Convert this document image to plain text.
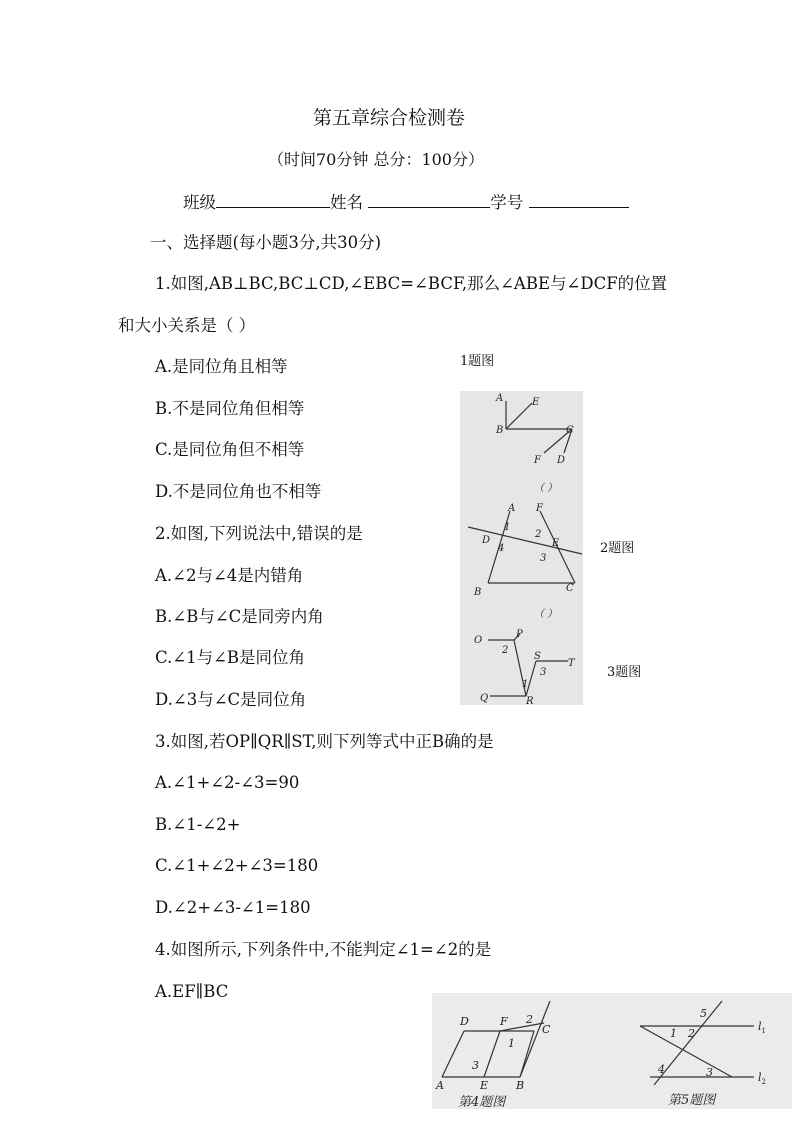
第五章综合检测卷
（时间70分钟 总分：100分）
班级	姓名	学号
一、选择题(每小题3分,共30分)
1.如图,AB⊥BC,BC⊥CD,∠EBC=∠BCF,那么∠ABE与∠DCF的位置
和大小关系是（ ）
A.是同位角且相等
B.不是同位角但相等
C.是同位角但不相等
D.不是同位角也不相等
2.如图,下列说法中,错误的是
A.∠2与∠4是内错角
B.∠B与∠C是同旁内角
C.∠1与∠B是同位角
D.∠3与∠C是同位角
3.如图,若OP∥QR∥ST,则下列等式中正B确的是
A.∠1+∠2-∠3=90
B.∠1-∠2+
C.∠1+∠2+∠3=180
D.∠2+∠3-∠1=180
4.如图所示,下列条件中,不能判定∠1=∠2的是
A.EF∥BC
1题图
2题图
3题图
A	E
B	C
F D
（ ）
A F
D	E
B	C
1
2
3
4
（ ）
O
P
S
T
Q	R
1
2
3
D	F
C
A	E	B
1
2
3
第4题图
1 2
3
4
5
$l_1$
$l_2$
第5题图
